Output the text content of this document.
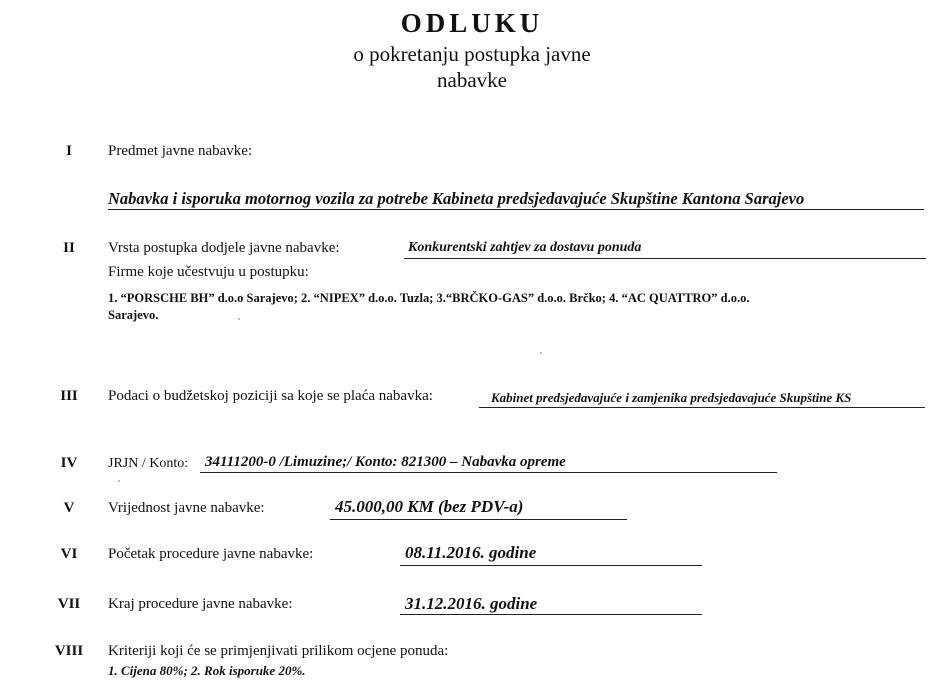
ODLUKU
o pokretanju postupka javne
nabavke
I	Predmet javne nabavke:
Nabavka i isporuka motornog vozila za potrebe Kabineta predsjedavajuće Skupštine Kantona Sarajevo
II	Vrsta postupka dodjele javne nabavke:	Konkurentski zahtjev za dostavu ponuda
Firme koje učestvuju u postupku:
1. “PORSCHE BH” d.o.o Sarajevo; 2. “NIPEX” d.o.o. Tuzla; 3.“BRČKO-GAS” d.o.o. Brčko; 4. “AC QUATTRO” d.o.o.
Sarajevo.
III	Podaci o budžetskoj poziciji sa koje se plaća nabavka:	Kabinet predsjedavajuće i zamjenika predsjedavajuće Skupštine KS
IV	JRJN / Konto: 34111200-0 /Limuzine;/ Konto: 821300 – Nabavka opreme
V	Vrijednost javne nabavke:	45.000,00 KM (bez PDV-a)
VI	Početak procedure javne nabavke:	08.11.2016. godine
VII	Kraj procedure javne nabavke:	31.12.2016. godine
VIII	Kriteriji koji će se primjenjivati prilikom ocjene ponuda:
1. Cijena 80%; 2. Rok isporuke 20%.
